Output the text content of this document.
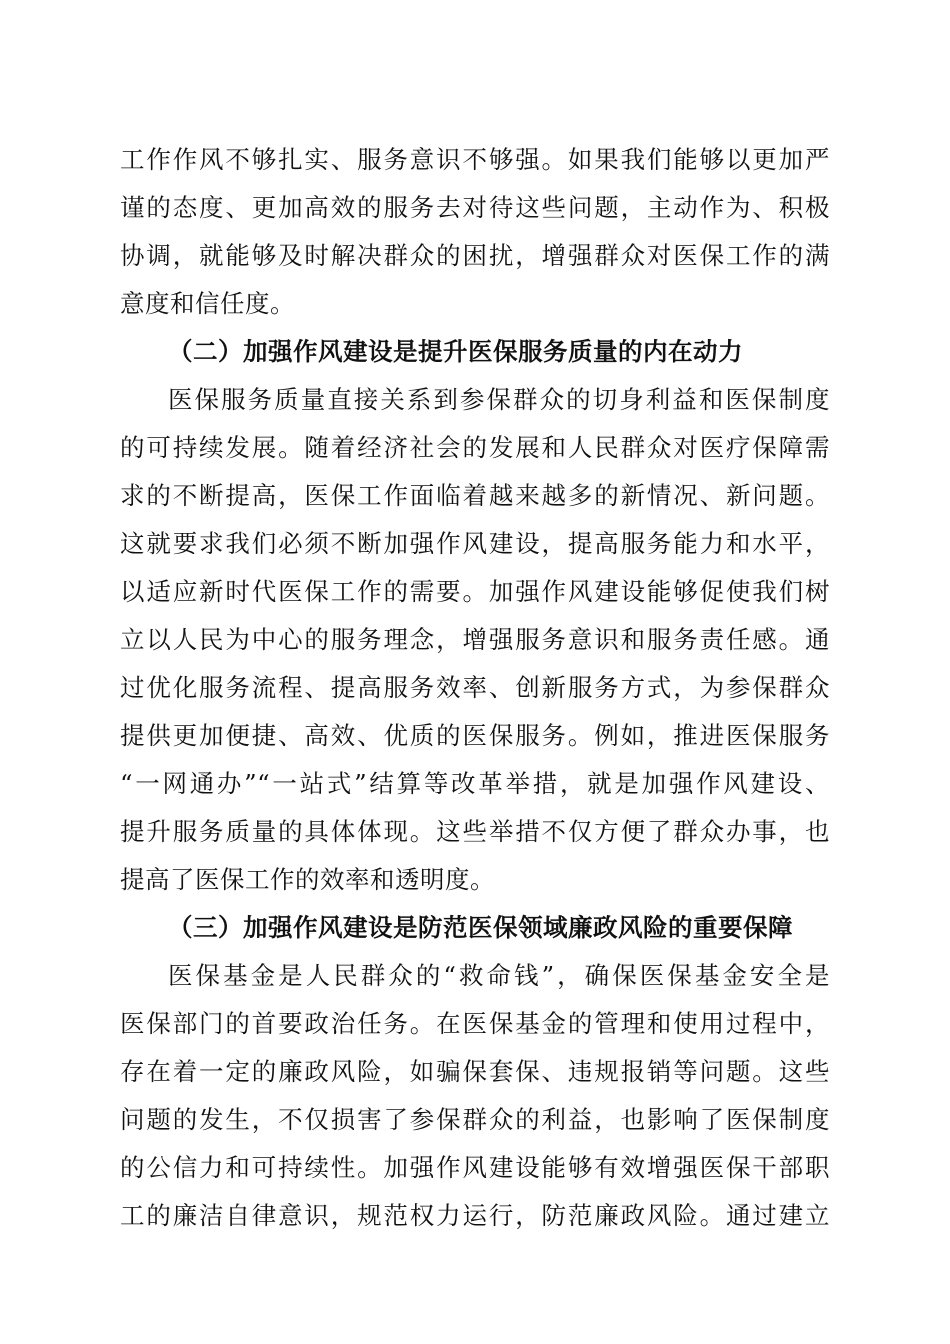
工作作风不够扎实、服务意识不够强。如果我们能够以更加严

谨的态度、更加高效的服务去对待这些问题，主动作为、积极

协调，就能够及时解决群众的困扰，增强群众对医保工作的满

意度和信任度。

（二）加强作风建设是提升医保服务质量的内在动力

医保服务质量直接关系到参保群众的切身利益和医保制度

的可持续发展。随着经济社会的发展和人民群众对医疗保障需

求的不断提高，医保工作面临着越来越多的新情况、新问题。

这就要求我们必须不断加强作风建设，提高服务能力和水平，

以适应新时代医保工作的需要。加强作风建设能够促使我们树

立以人民为中心的服务理念，增强服务意识和服务责任感。通

过优化服务流程、提高服务效率、创新服务方式，为参保群众

提供更加便捷、高效、优质的医保服务。例如，推进医保服务

“一网通办”“一站式”结算等改革举措，就是加强作风建设、

提升服务质量的具体体现。这些举措不仅方便了群众办事，也

提高了医保工作的效率和透明度。

（三）加强作风建设是防范医保领域廉政风险的重要保障

医保基金是人民群众的“救命钱”，确保医保基金安全是

医保部门的首要政治任务。在医保基金的管理和使用过程中，

存在着一定的廉政风险，如骗保套保、违规报销等问题。这些

问题的发生，不仅损害了参保群众的利益，也影响了医保制度

的公信力和可持续性。加强作风建设能够有效增强医保干部职

工的廉洁自律意识，规范权力运行，防范廉政风险。通过建立
